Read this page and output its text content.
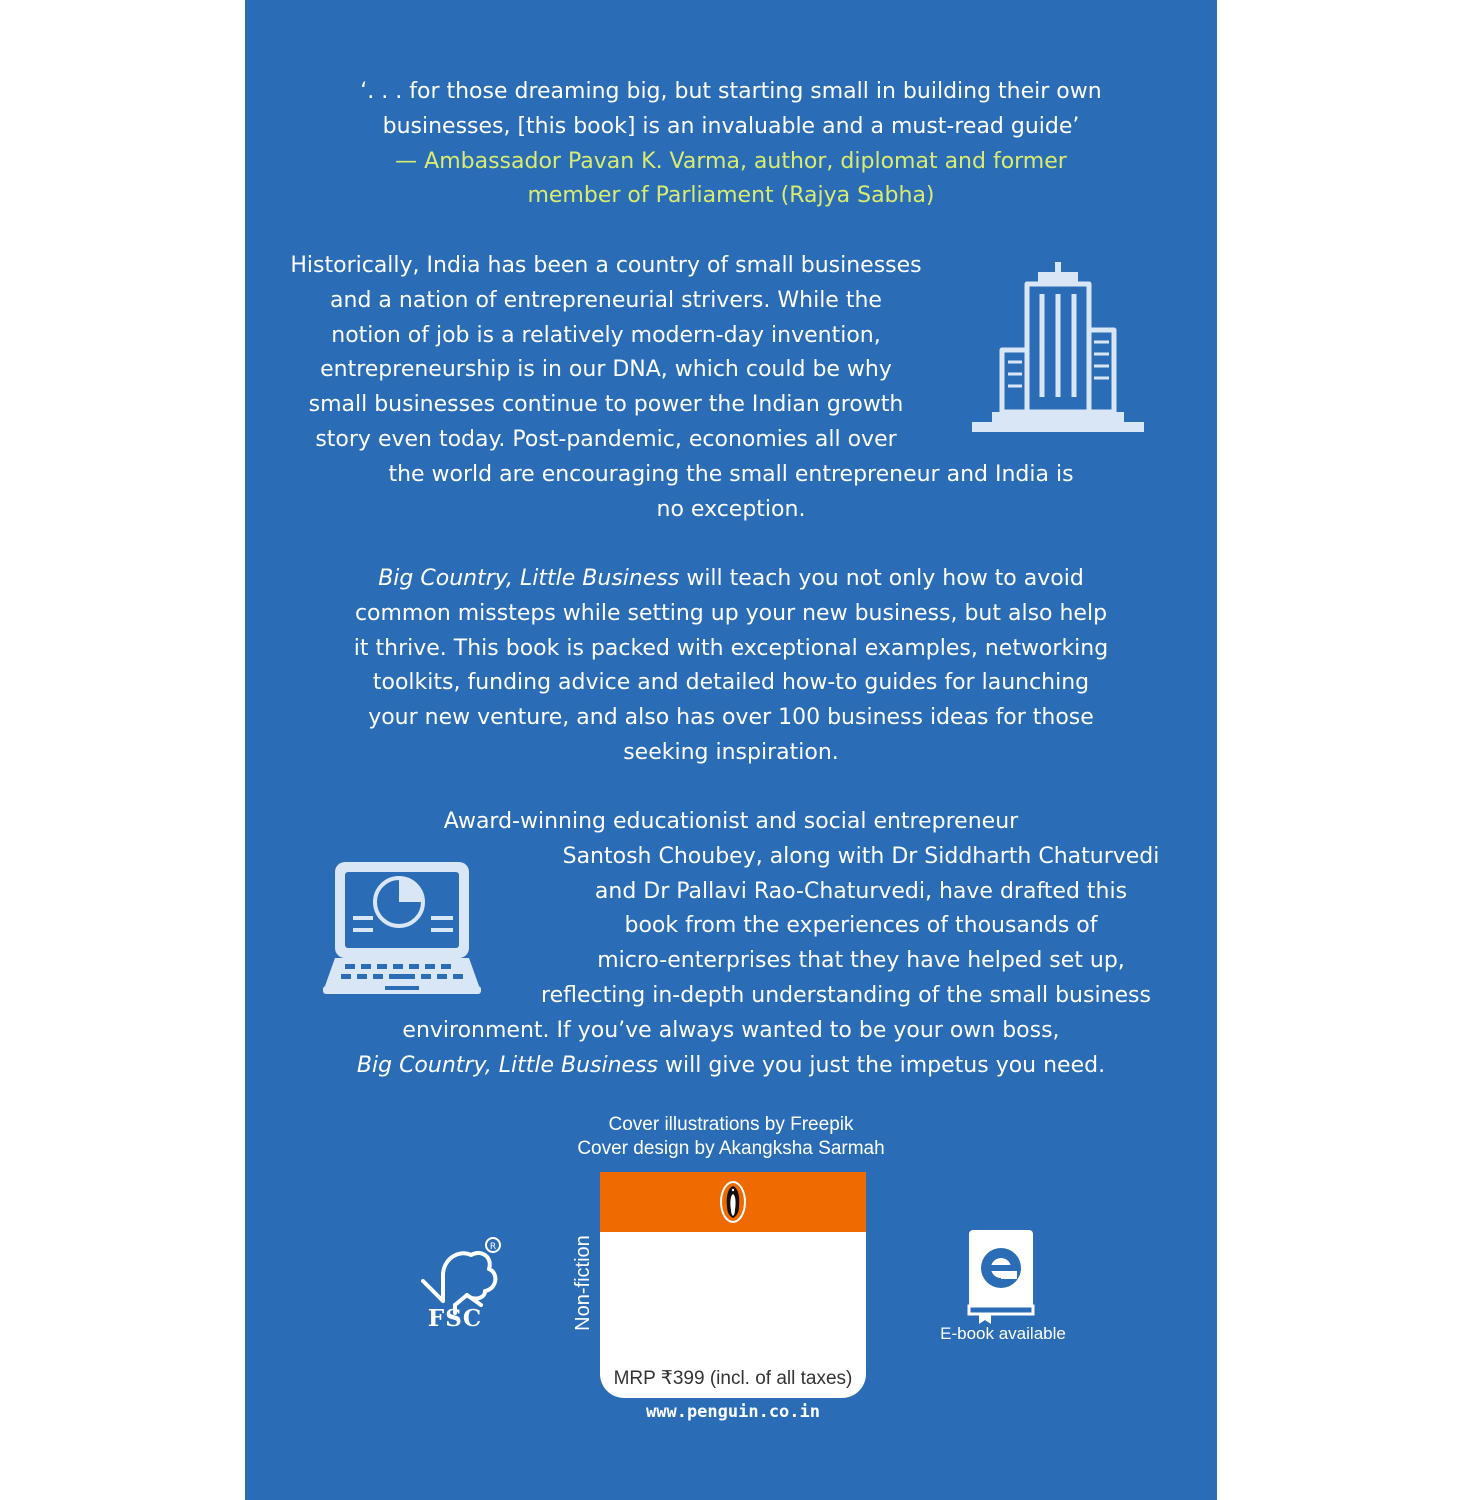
‘. . . for those dreaming big, but starting small in building their own
businesses, [this book] is an invaluable and a must-read guide’
— Ambassador Pavan K. Varma, author, diplomat and former
member of Parliament (Rajya Sabha)
Historically, India has been a country of small businesses
and a nation of entrepreneurial strivers. While the
notion of job is a relatively modern-day invention,
entrepreneurship is in our DNA, which could be why
small businesses continue to power the Indian growth
story even today. Post-pandemic, economies all over
the world are encouraging the small entrepreneur and India is
no exception.
Big Country, Little Business will teach you not only how to avoid
common missteps while setting up your new business, but also help
it thrive. This book is packed with exceptional examples, networking
toolkits, funding advice and detailed how-to guides for launching
your new venture, and also has over 100 business ideas for those
seeking inspiration.
Award-winning educationist and social entrepreneur
Santosh Choubey, along with Dr Siddharth Chaturvedi
and Dr Pallavi Rao-Chaturvedi, have drafted this
book from the experiences of thousands of
micro-enterprises that they have helped set up,
reflecting in-depth understanding of the small business
environment. If you’ve always wanted to be your own boss,
Big Country, Little Business will give you just the impetus you need.
Cover illustrations by Freepik
Cover design by Akangksha Sarmah
R
FSC	Non-fiction
MRP ₹399 (incl. of all taxes)
www.penguin.co.in
E-book available
